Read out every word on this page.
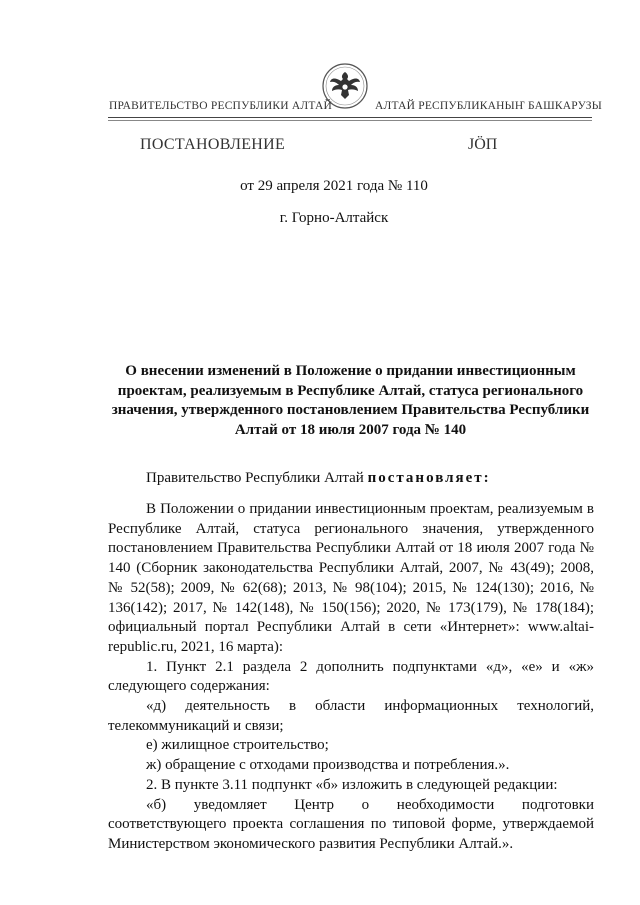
ПРАВИТЕЛЬСТВО РЕСПУБЛИКИ АЛТАЙ	АЛТАЙ РЕСПУБЛИКАНЫҤ БАШКАРУЗЫ
ПОСТАНОВЛЕНИЕ	ЈӦП
от 29 апреля 2021 года № 110
г. Горно-Алтайск
О внесении изменений в Положение о придании инвестиционным проектам, реализуемым в Республике Алтай, статуса регионального значения, утвержденного постановлением Правительства Республики Алтай от 18 июля 2007 года № 140
Правительство Республики Алтай постановляет:

В Положении о придании инвестиционным проектам, реализуемым в Республике Алтай, статуса регионального значения, утвержденного постановлением Правительства Республики Алтай от 18 июля 2007 года № 140 (Сборник законодательства Республики Алтай, 2007, № 43(49); 2008, № 52(58); 2009, № 62(68); 2013, № 98(104); 2015, № 124(130); 2016, № 136(142); 2017, № 142(148), № 150(156); 2020, № 173(179), № 178(184); официальный портал Республики Алтай в сети «Интернет»: www.altai-republic.ru, 2021, 16 марта):

1. Пункт 2.1 раздела 2 дополнить подпунктами «д», «е» и «ж» следующего содержания:

«д) деятельность в области информационных технологий, телекоммуникаций и связи;

е) жилищное строительство;

ж) обращение с отходами производства и потребления.».

2. В пункте 3.11 подпункт «б» изложить в следующей редакции:

«б) уведомляет Центр о необходимости подготовки соответствующего проекта соглашения по типовой форме, утверждаемой Министерством экономического развития Республики Алтай.».
